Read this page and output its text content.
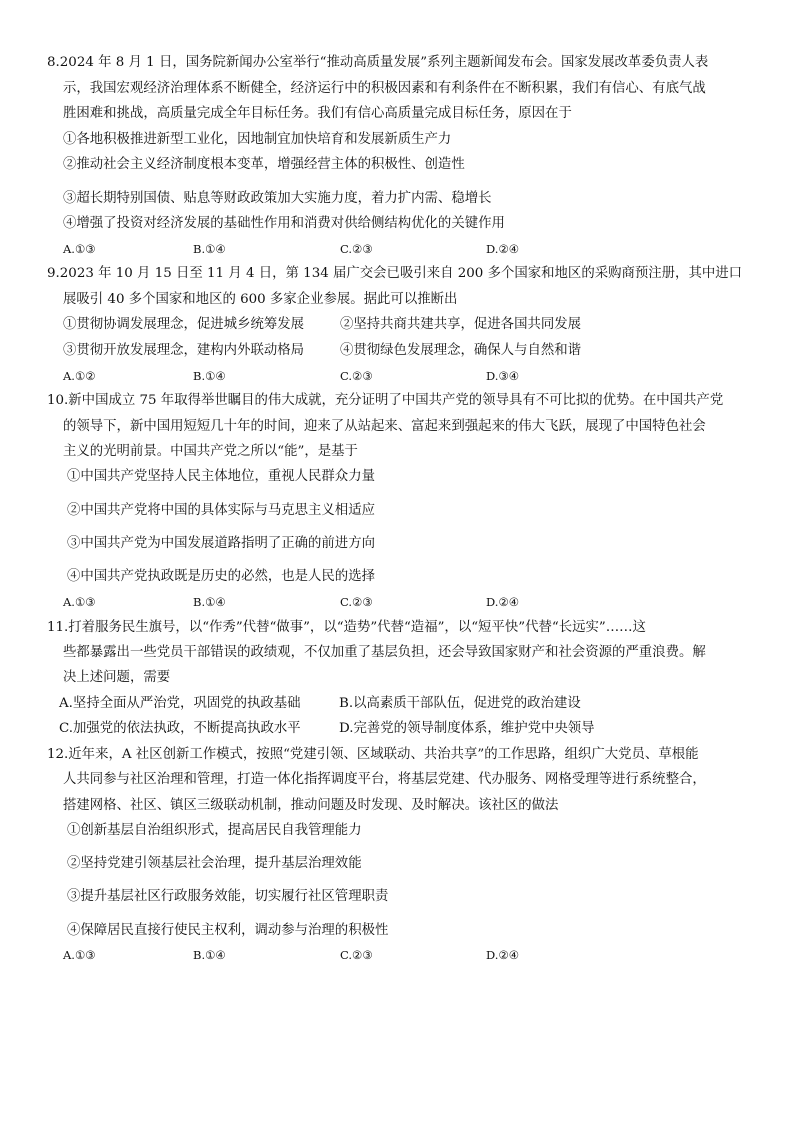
8.2024 年 8 月 1 日，国务院新闻办公室举行“推动高质量发展”系列主题新闻发布会。国家发展改革委负责人表
示，我国宏观经济治理体系不断健全，经济运行中的积极因素和有利条件在不断积累，我们有信心、有底气战
胜困难和挑战，高质量完成全年目标任务。我们有信心高质量完成目标任务，原因在于
①各地积极推进新型工业化，因地制宜加快培育和发展新质生产力
②推动社会主义经济制度根本变革，增强经营主体的积极性、创造性
③超长期特别国债、贴息等财政政策加大实施力度，着力扩内需、稳增长
④增强了投资对经济发展的基础性作用和消费对供给侧结构优化的关键作用
A.①③	B.①④	C.②③	D.②④
9.2023 年 10 月 15 日至 11 月 4 日，第 134 届广交会已吸引来自 200 多个国家和地区的采购商预注册，其中进口
展吸引 40 多个国家和地区的 600 多家企业参展。据此可以推断出
①贯彻协调发展理念，促进城乡统筹发展	②坚持共商共建共享，促进各国共同发展
③贯彻开放发展理念，建构内外联动格局	④贯彻绿色发展理念，确保人与自然和谐
A.①②	B.①④	C.②③	D.③④
10.新中国成立 75 年取得举世瞩目的伟大成就，充分证明了中国共产党的领导具有不可比拟的优势。在中国共产党
的领导下，新中国用短短几十年的时间，迎来了从站起来、富起来到强起来的伟大飞跃，展现了中国特色社会
主义的光明前景。中国共产党之所以“能”，是基于
①中国共产党坚持人民主体地位，重视人民群众力量
②中国共产党将中国的具体实际与马克思主义相适应
③中国共产党为中国发展道路指明了正确的前进方向
④中国共产党执政既是历史的必然，也是人民的选择
A.①③	B.①④	C.②③	D.②④
11.打着服务民生旗号，以“作秀”代替“做事”，以“造势”代替“造福”，以“短平快”代替“长远实”……这
些都暴露出一些党员干部错误的政绩观，不仅加重了基层负担，还会导致国家财产和社会资源的严重浪费。解
决上述问题，需要
A.坚持全面从严治党，巩固党的执政基础	B.以高素质干部队伍，促进党的政治建设
C.加强党的依法执政，不断提高执政水平	D.完善党的领导制度体系，维护党中央领导
12.近年来，A 社区创新工作模式，按照“党建引领、区域联动、共治共享”的工作思路，组织广大党员、草根能
人共同参与社区治理和管理，打造一体化指挥调度平台，将基层党建、代办服务、网格受理等进行系统整合，
搭建网格、社区、镇区三级联动机制，推动问题及时发现、及时解决。该社区的做法
①创新基层自治组织形式，提高居民自我管理能力
②坚持党建引领基层社会治理，提升基层治理效能
③提升基层社区行政服务效能，切实履行社区管理职责
④保障居民直接行使民主权利，调动参与治理的积极性
A.①③	B.①④	C.②③	D.②④
